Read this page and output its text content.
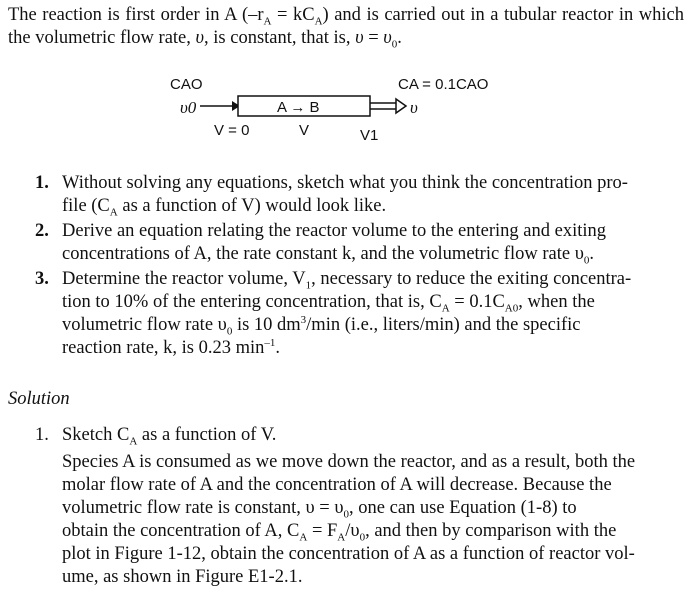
The reaction is first order in A $(-r_A = kC_A)$ and is carried out in a tubular reactor in which the volumetric flow rate, υ, is constant, that is, $\upsilon = \upsilon_0$.

CAO
υ0	A → B	υ
CA = 0.1CAO
V = 0	V	V1
1. Without solving any equations, sketch what you think the concentration pro-
file ($C_A$ as a function of V) would look like.
2. Derive an equation relating the reactor volume to the entering and exiting
concentrations of A, the rate constant k, and the volumetric flow rate $\upsilon_0$.
3. Determine the reactor volume, $V_1$, necessary to reduce the exiting concentra-
tion to 10% of the entering concentration, that is, $C_A = 0.1C_{A0}$, when the
volumetric flow rate $\upsilon_0$ is 10 $dm^3/\min$ (i.e., liters/min) and the specific
reaction rate, k, is 0.23 $\min^{-1}$.
Solution
1. Sketch $C_A$ as a function of V.
Species A is consumed as we move down the reactor, and as a result, both the
molar flow rate of A and the concentration of A will decrease. Because the
volumetric flow rate is constant, $\upsilon = \upsilon_0$, one can use Equation (1-8) to
obtain the concentration of A, $C_A = F_A/\upsilon_0$, and then by comparison with the
plot in Figure 1-12, obtain the concentration of A as a function of reactor vol-
ume, as shown in Figure E1-2.1.
